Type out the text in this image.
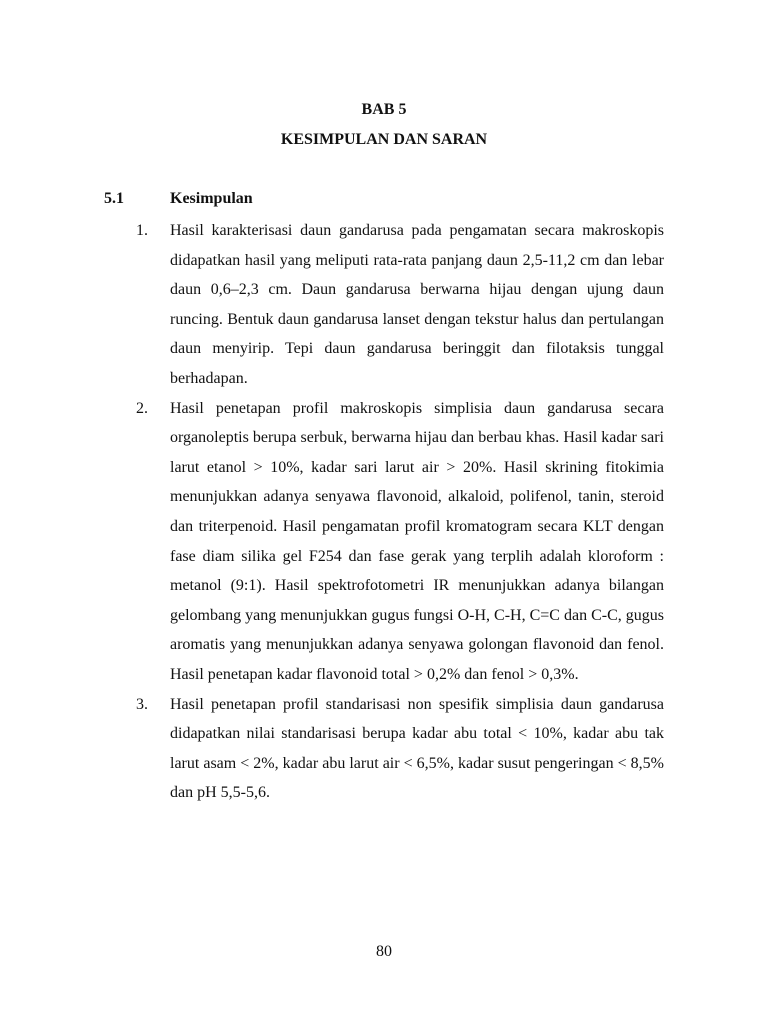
BAB 5
KESIMPULAN DAN SARAN
5.1	Kesimpulan
1. Hasil karakterisasi daun gandarusa pada pengamatan secara makroskopis didapatkan hasil yang meliputi rata-rata panjang daun 2,5-11,2 cm dan lebar daun 0,6–2,3 cm. Daun gandarusa berwarna hijau dengan ujung daun runcing. Bentuk daun gandarusa lanset dengan tekstur halus dan pertulangan daun menyirip. Tepi daun gandarusa beringgit dan filotaksis tunggal berhadapan.
2. Hasil penetapan profil makroskopis simplisia daun gandarusa secara organoleptis berupa serbuk, berwarna hijau dan berbau khas. Hasil kadar sari larut etanol > 10%, kadar sari larut air > 20%. Hasil skrining fitokimia menunjukkan adanya senyawa flavonoid, alkaloid, polifenol, tanin, steroid dan triterpenoid. Hasil pengamatan profil kromatogram secara KLT dengan fase diam silika gel F254 dan fase gerak yang terplih adalah kloroform : metanol (9:1). Hasil spektrofotometri IR menunjukkan adanya bilangan gelombang yang menunjukkan gugus fungsi O-H, C-H, C=C dan C-C, gugus aromatis yang menunjukkan adanya senyawa golongan flavonoid dan fenol. Hasil penetapan kadar flavonoid total > 0,2% dan fenol > 0,3%.
3. Hasil penetapan profil standarisasi non spesifik simplisia daun gandarusa didapatkan nilai standarisasi berupa kadar abu total < 10%, kadar abu tak larut asam < 2%, kadar abu larut air < 6,5%, kadar susut pengeringan < 8,5% dan pH 5,5-5,6.
80
